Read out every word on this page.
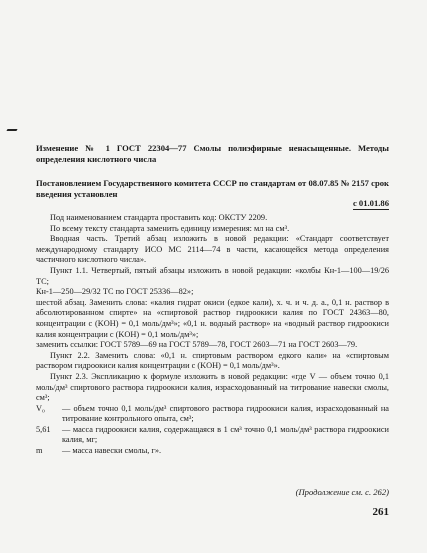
Изменение № 1 ГОСТ 22304—77 Смолы полиэфирные ненасыщенные. Методы определения кислотного числа
Постановлением Государственного комитета СССР по стандартам от 08.07.85 № 2157 срок введения установлен
с 01.01.86

Под наименованием стандарта проставить код: ОКСТУ 2209.

По всему тексту стандарта заменить единицу измерения: мл на см³.

Вводная часть. Третий абзац изложить в новой редакции: «Стандарт соответствует международному стандарту ИСО МС 2114—74 в части, касающейся метода определения частичного кислотного числа».

Пункт 1.1. Четвертый, пятый абзацы изложить в новой редакции: «колбы Кн-1—100—19/26 ТС;

Кн-1—250—29/32 ТС по ГОСТ 25336—82»;

шестой абзац. Заменить слова: «калия гидрат окиси (едкое кали), х. ч. и ч. д. а., 0,1 н. раствор в абсолютированном спирте» на «спиртовой раствор гидроокиси калия по ГОСТ 24363—80, концентрации с (KOH) = 0,1 моль/дм³»; «0,1 н. водный раствор» на «водный раствор гидроокиси калия концентрации с (KOH) = 0,1 моль/дм³»;

заменить ссылки: ГОСТ 5789—69 на ГОСТ 5789—78, ГОСТ 2603—71 на ГОСТ 2603—79.

Пункт 2.2. Заменить слова: «0,1 н. спиртовым раствором едкого кали» на «спиртовым раствором гидроокиси калия концентрации с (KOH) = 0,1 моль/дм³».

Пункт 2.3. Экспликацию к формуле изложить в новой редакции: «где V — объем точно 0,1 моль/дм³ спиртового раствора гидроокиси калия, израсходованный на титрование навески смолы, см³;

V₀	— объем точно 0,1 моль/дм³ спиртового раствора гидроокиси калия, израсходованный на титрование контрольного опыта, см³;
5,61	— масса гидроокиси калия, содержащаяся в 1 см³ точно 0,1 моль/дм³ раствора гидроокиси калия, мг;
m	— масса навески смолы, г».
(Продолжение см. с. 262)
261
